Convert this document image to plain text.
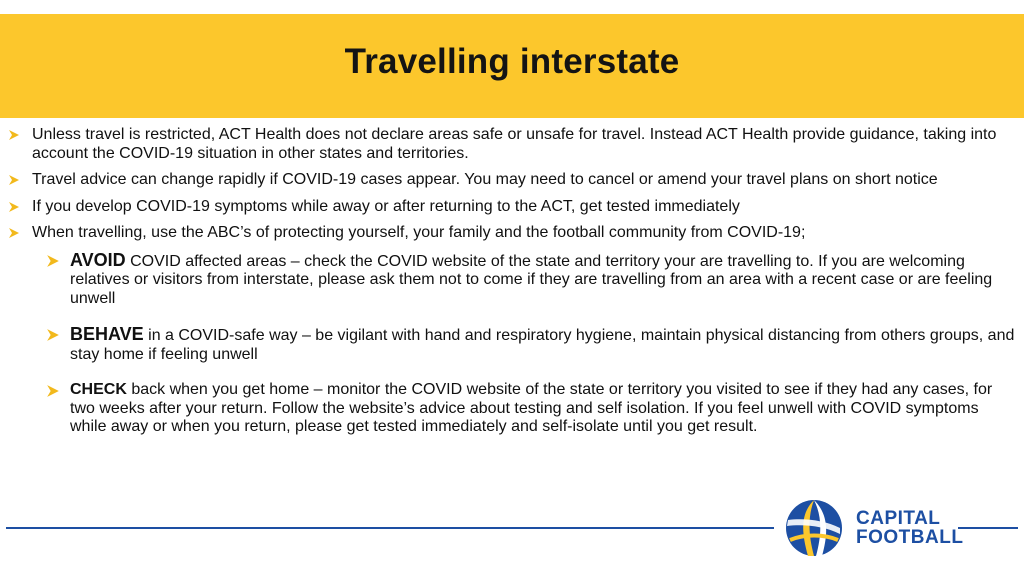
Travelling interstate
Unless travel is restricted, ACT Health does not declare areas safe or unsafe for travel. Instead ACT Health provide guidance, taking into account the COVID-19 situation in other states and territories.
Travel advice can change rapidly if COVID-19 cases appear. You may need to cancel or amend your travel plans on short notice
If you develop COVID-19 symptoms while away or after returning to the ACT, get tested immediately
When travelling, use the ABC’s of protecting yourself, your family and the football community from COVID-19;
AVOID COVID affected areas – check the COVID website of the state and territory your are travelling to. If you are welcoming relatives or visitors from interstate, please ask them not to come if they are travelling from an area with a recent case or are feeling unwell
BEHAVE in a COVID-safe way – be vigilant with hand and respiratory hygiene, maintain physical distancing from others groups, and stay home if feeling unwell
CHECK back when you get home – monitor the COVID website of the state or territory you visited to see if they had any cases, for two weeks after your return. Follow the website’s advice about testing and self isolation. If you feel unwell with COVID symptoms while away or when you return, please get tested immediately and self-isolate until you get result.
CAPITAL
FOOTBALL
